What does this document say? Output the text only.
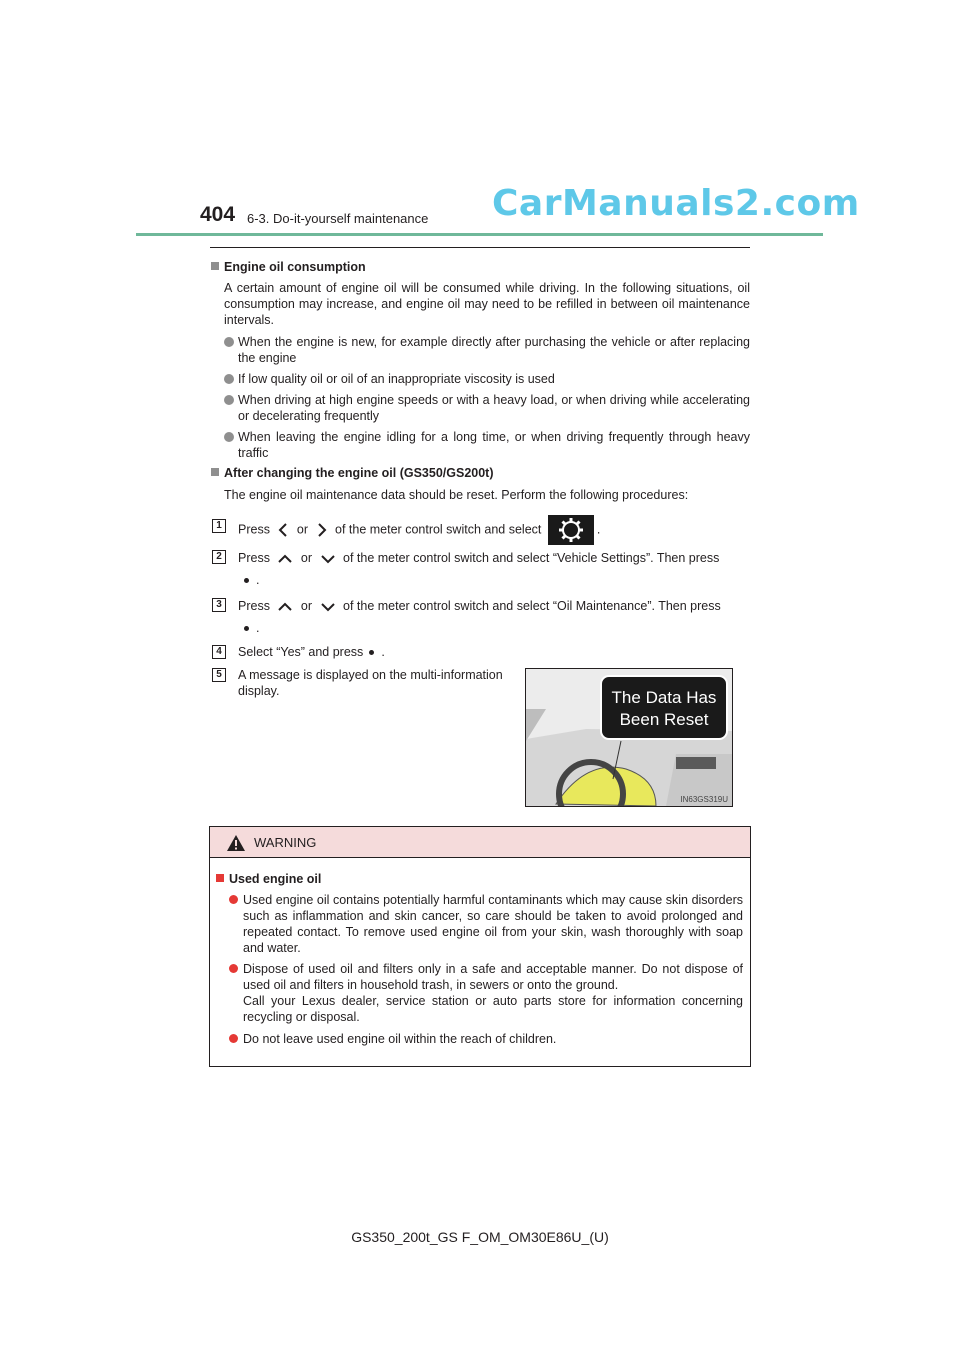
404 6-3. Do-it-yourself maintenance CarManuals2.com
Engine oil consumption
A certain amount of engine oil will be consumed while driving. In the following situations, oil consumption may increase, and engine oil may need to be refilled in between oil maintenance intervals.
When the engine is new, for example directly after purchasing the vehicle or after replacing the engine
If low quality oil or oil of an inappropriate viscosity is used
When driving at high engine speeds or with a heavy load, or when driving while accelerating or decelerating frequently
When leaving the engine idling for a long time, or when driving frequently through heavy traffic
After changing the engine oil (GS350/GS200t)
The engine oil maintenance data should be reset. Perform the following procedures:
1	Press or of the meter control switch and select	.
2	Press or of the meter control switch and select “Vehicle Settings”. Then press
.
3	Press or of the meter control switch and select “Oil Maintenance”. Then press
.
4	Select “Yes” and press .
5	A message is displayed on the multi-information display.	The Data Has
Been Reset
IN63GS319U
WARNING
Used engine oil
Used engine oil contains potentially harmful contaminants which may cause skin disorders such as inflammation and skin cancer, so care should be taken to avoid prolonged and repeated contact. To remove used engine oil from your skin, wash thoroughly with soap and water.
Dispose of used oil and filters only in a safe and acceptable manner. Do not dispose of used oil and filters in household trash, in sewers or onto the ground.
Call your Lexus dealer, service station or auto parts store for information concerning recycling or disposal.
Do not leave used engine oil within the reach of children.
GS350_200t_GS F_OM_OM30E86U_(U)
